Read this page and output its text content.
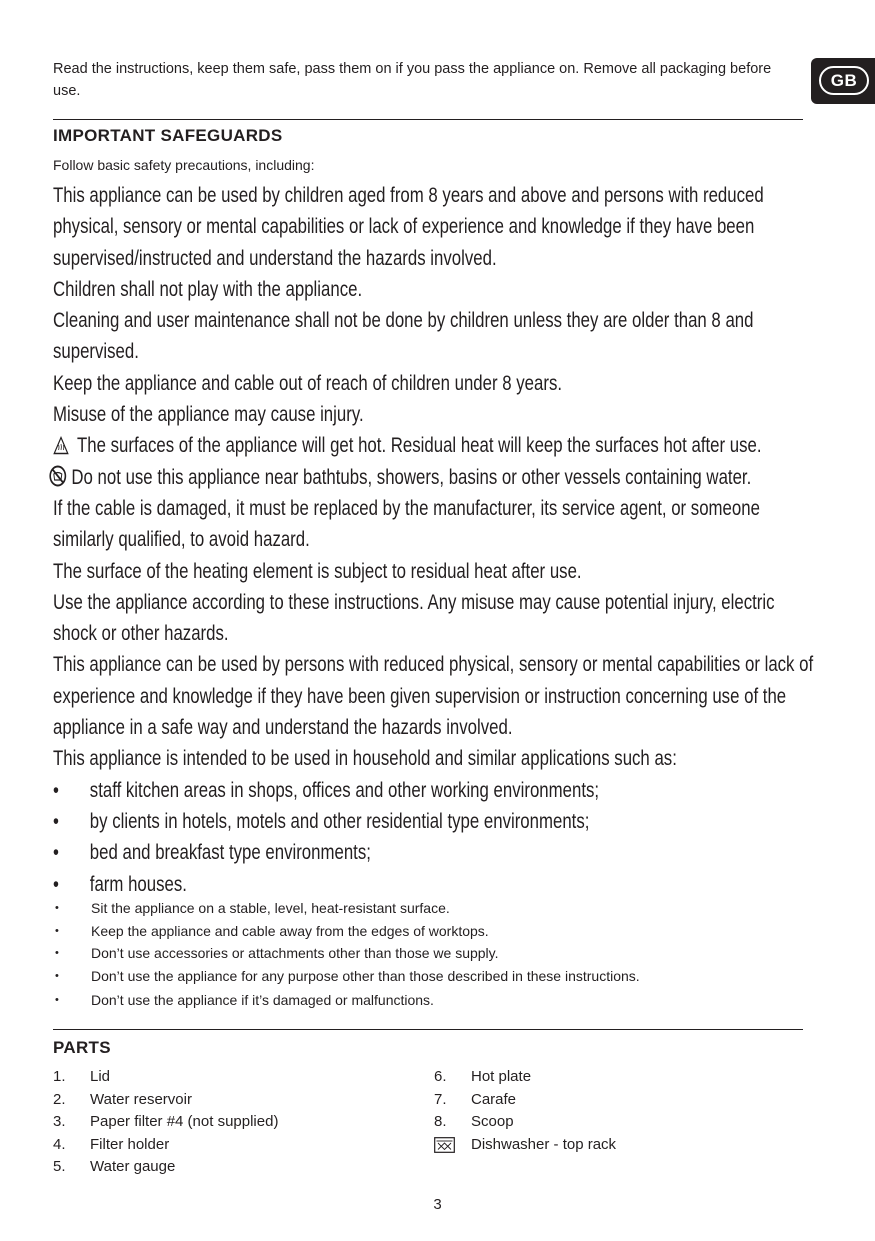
Read the instructions, keep them safe, pass them on if you pass the appliance on. Remove all packaging before use.
GB
IMPORTANT SAFEGUARDS
Follow basic safety precautions, including:
This appliance can be used by children aged from 8 years and above and persons with reduced
physical, sensory or mental capabilities or lack of experience and knowledge if they have been
supervised/instructed and understand the hazards involved.
Children shall not play with the appliance.
Cleaning and user maintenance shall not be done by children unless they are older than 8 and
supervised.
Keep the appliance and cable out of reach of children under 8 years.
Misuse of the appliance may cause injury.
The surfaces of the appliance will get hot. Residual heat will keep the surfaces hot after use.
Do not use this appliance near bathtubs, showers, basins or other vessels containing water.
If the cable is damaged, it must be replaced by the manufacturer, its service agent, or someone
similarly qualified, to avoid hazard.
The surface of the heating element is subject to residual heat after use.
Use the appliance according to these instructions. Any misuse may cause potential injury, electric
shock or other hazards.
This appliance can be used by persons with reduced physical, sensory or mental capabilities or lack of
experience and knowledge if they have been given supervision or instruction concerning use of the
appliance in a safe way and understand the hazards involved.
This appliance is intended to be used in household and similar applications such as:
• staff kitchen areas in shops, offices and other working environments;
• by clients in hotels, motels and other residential type environments;
• bed and breakfast type environments;
• farm houses.
• Sit the appliance on a stable, level, heat-resistant surface.
• Keep the appliance and cable away from the edges of worktops.
• Don’t use accessories or attachments other than those we supply.
• Don’t use the appliance for any purpose other than those described in these instructions.
• Don’t use the appliance if it’s damaged or malfunctions.
PARTS
1. Lid
2. Water reservoir
3. Paper filter #4 (not supplied)
4. Filter holder
5. Water gauge
6. Hot plate
7. Carafe
8. Scoop
Dishwasher - top rack
3
